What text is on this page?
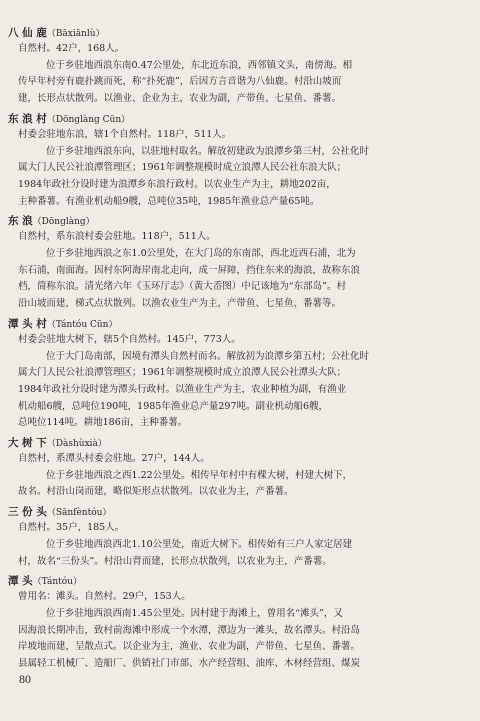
八 仙 鹿（Bāxiānlù）

自然村。42户，168人。

位于乡驻地西浪东南0.47公里处，东北近东浪，西邻镇文头，南傍海。相

传早年村旁有鹿扑跳而死，称“扑死鹿”，后因方言音谐为八仙鹿。村沿山坡而

建，长形点状散列。以渔业、企业为主，农业为副，产带鱼、七星鱼、番薯。

东 浪 村（Dōnglàng Cūn）

村委会驻地东浪，辖1个自然村。118户，511人。

位于乡驻地西浪东向，以驻地村取名。解放初建政为浪潭乡第三村，公社化时

属大门人民公社浪潭管理区；1961年调整规模时成立浪潭人民公社东浪大队；

1984年政社分设时建为浪潭乡东浪行政村。以农业生产为主，耕地202亩，

主种番薯。有渔业机动船9艘，总吨位35吨，1985年渔业总产量65吨。

东 浪（Dōnglàng）

自然村，系东浪村委会驻地。118户，511人。

位于乡驻地西浪之东1.0公里处，在大门岛的东南部，西北近西石浦，北为

东石浦，南面海。因村东阿海岸南北走向，成一屏障，挡住东来的海浪，故称东浪

档，简称东浪。清光绪六年《玉环厅志》（黄大岙图）中记该地为“东部岛”。村

沿山坡而建，梯式点状散列。以渔农业生产为主，产带鱼、七星鱼、番薯等。

潭 头 村（Tántóu Cūn）

村委会驻地大树下，辖5个自然村。145户，773人。

位于大门岛南部，因境有潭头自然村而名。解放初为浪潭乡第五村；公社化时

属大门人民公社浪潭管理区；1961年调整规模时成立浪潭人民公社潭头大队；

1984年政社分设时建为潭头行政村。以渔业生产为主，农业种植为副，有渔业

机动船6艘，总吨位190吨，1985年渔业总产量297吨。副业机动船6艘，

总吨位114吨。耕地186亩，主种番薯。

大 树 下（Dàshùxià）

自然村，系潭头村委会驻地。27户，144人。

位于乡驻地西浪之西1.22公里处。相传早年村中有棵大树，村建大树下，

故名。村沿山岗而建，略似矩形点状散列。以农业为主，产番薯。

三 份 头（Sānfèntóu）

自然村。35户，185人。

位于乡驻地西浪西北1.10公里处，南近大树下。相传始有三户人家定居建

村，故名“三份头”。村沿山背而建，长形点状散列，以农业为主，产番薯。

潭 头（Tántóu）

曾用名：滩头。自然村。29户，153人。

位于乡驻地西浪西南1.45公里处。因村建于海滩上，曾用名“滩头”，又

因海浪长期冲击，致村前海滩中形成一个水潭，潭边为一滩头，故名潭头。村沿岛

岸坡地而建，呈散点式。以企业为主，渔业、农业为副，产带鱼、七星鱼、番薯。

县属轻工机械厂、造船厂、供销社门市部、水产经营组、油库、木材经营组、煤炭

80
